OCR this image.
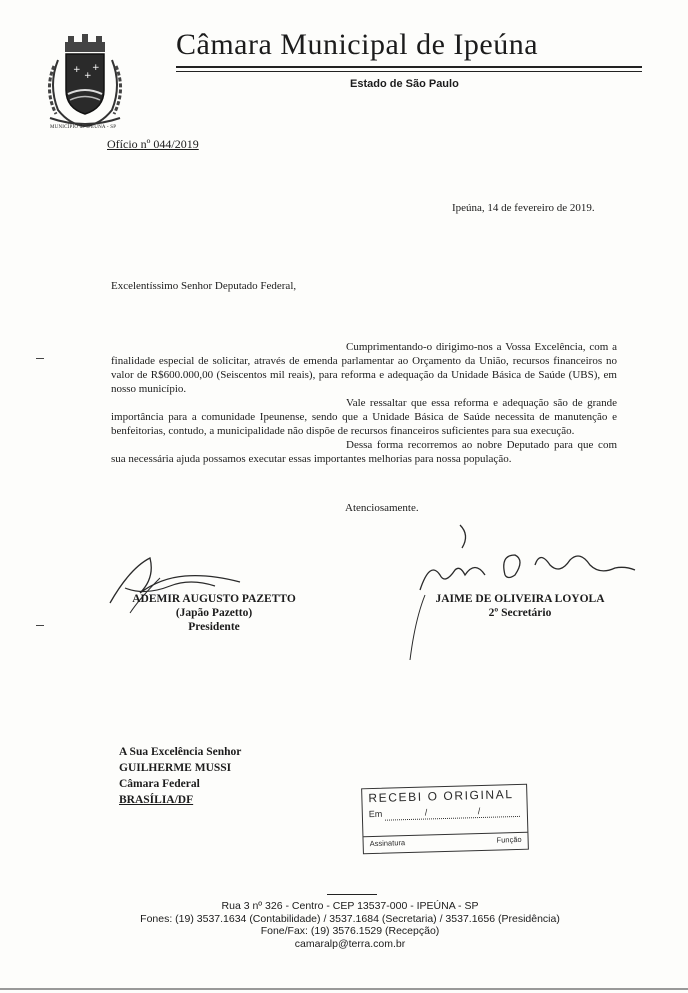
+
+
+
MUNICÍPIO de IPEÚNA - SP
Câmara Municipal de Ipeúna
Estado de São Paulo
Ofício nº 044/2019
Ipeúna, 14 de fevereiro de 2019.
Excelentíssimo Senhor Deputado Federal,

Cumprimentando-o dirigimo-nos a Vossa Excelência, com a finalidade especial de solicitar, através de emenda parlamentar ao Orçamento da União, recursos financeiros no valor de R$600.000,00 (Seiscentos mil reais), para reforma e adequação da Unidade Básica de Saúde (UBS), em nosso município.

Vale ressaltar que essa reforma e adequação são de grande importância para a comunidade Ipeunense, sendo que a Unidade Básica de Saúde necessita de manutenção e benfeitorias, contudo, a municipalidade não dispõe de recursos financeiros suficientes para sua execução.

Dessa forma recorremos ao nobre Deputado para que com sua necessária ajuda possamos executar essas importantes melhorias para nossa população.

Atenciosamente.
ADEMIR AUGUSTO PAZETTO
(Japão Pazetto)
Presidente
JAIME DE OLIVEIRA LOYOLA
2º Secretário
A Sua Excelência Senhor
GUILHERME MUSSI
Câmara Federal
BRASÍLIA/DF	RECEBI O ORIGINAL
Em	/ /
Assinatura	Função
Rua 3 nº 326 - Centro - CEP 13537-000 - IPEÚNA - SP
Fones: (19) 3537.1634 (Contabilidade) / 3537.1684 (Secretaria) / 3537.1656 (Presidência)
Fone/Fax: (19) 3576.1529 (Recepção)
camaralp@terra.com.br
